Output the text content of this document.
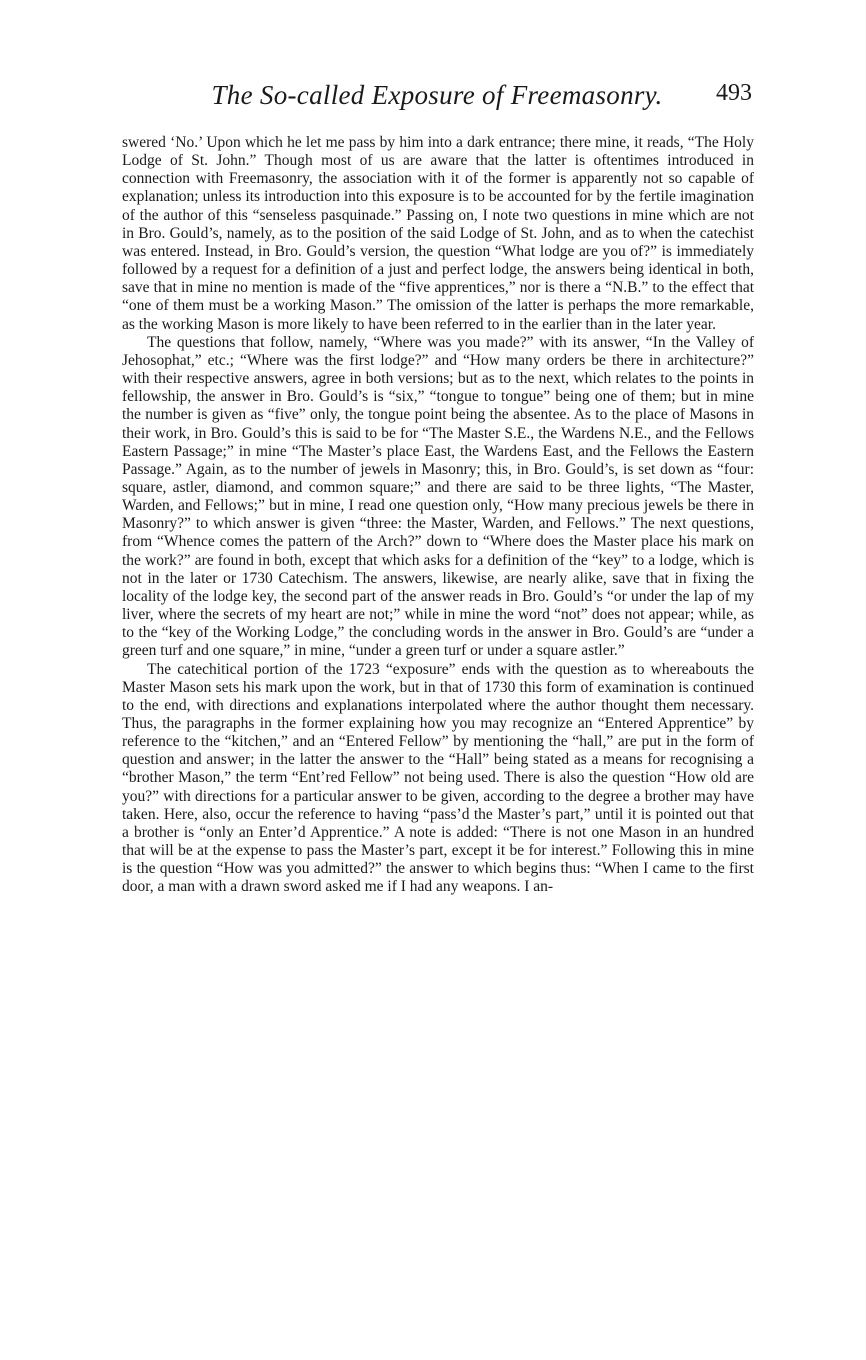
The So-called Exposure of Freemasonry.	493

swered ‘No.’ Upon which he let me pass by him into a dark entrance; there mine, it reads, “The Holy Lodge of St. John.” Though most of us are aware that the latter is oftentimes introduced in connection with Freemasonry, the association with it of the former is apparently not so capable of explanation; unless its introduction into this exposure is to be accounted for by the fertile imagination of the author of this “senseless pasquinade.” Passing on, I note two questions in mine which are not in Bro. Gould’s, namely, as to the position of the said Lodge of St. John, and as to when the catechist was entered. Instead, in Bro. Gould’s version, the question “What lodge are you of?” is immediately followed by a request for a definition of a just and perfect lodge, the answers being identical in both, save that in mine no mention is made of the “five apprentices,” nor is there a “N.B.” to the effect that “one of them must be a working Mason.” The omission of the latter is perhaps the more remarkable, as the working Mason is more likely to have been referred to in the earlier than in the later year.

The questions that follow, namely, “Where was you made?” with its answer, “In the Valley of Jehosophat,” etc.; “Where was the first lodge?” and “How many orders be there in architecture?” with their respective answers, agree in both versions; but as to the next, which relates to the points in fellowship, the answer in Bro. Gould’s is “six,” “tongue to tongue” being one of them; but in mine the number is given as “five” only, the tongue point being the absentee. As to the place of Masons in their work, in Bro. Gould’s this is said to be for “The Master S.E., the Wardens N.E., and the Fellows Eastern Passage;” in mine “The Master’s place East, the Wardens East, and the Fellows the Eastern Passage.” Again, as to the number of jewels in Masonry; this, in Bro. Gould’s, is set down as “four: square, astler, diamond, and common square;” and there are said to be three lights, “The Master, Warden, and Fellows;” but in mine, I read one question only, “How many precious jewels be there in Masonry?” to which answer is given “three: the Master, Warden, and Fellows.” The next questions, from “Whence comes the pattern of the Arch?” down to “Where does the Master place his mark on the work?” are found in both, except that which asks for a definition of the “key” to a lodge, which is not in the later or 1730 Catechism. The answers, likewise, are nearly alike, save that in fixing the locality of the lodge key, the second part of the answer reads in Bro. Gould’s “or under the lap of my liver, where the secrets of my heart are not;” while in mine the word “not” does not appear; while, as to the “key of the Working Lodge,” the concluding words in the answer in Bro. Gould’s are “under a green turf and one square,” in mine, “under a green turf or under a square astler.”

The catechitical portion of the 1723 “exposure” ends with the question as to whereabouts the Master Mason sets his mark upon the work, but in that of 1730 this form of examination is continued to the end, with directions and explanations interpolated where the author thought them necessary. Thus, the paragraphs in the former explaining how you may recognize an “Entered Apprentice” by reference to the “kitchen,” and an “Entered Fellow” by mentioning the “hall,” are put in the form of question and answer; in the latter the answer to the “Hall” being stated as a means for recognising a “brother Mason,” the term “Ent’red Fellow” not being used. There is also the question “How old are you?” with directions for a particular answer to be given, according to the degree a brother may have taken. Here, also, occur the reference to having “pass’d the Master’s part,” until it is pointed out that a brother is “only an Enter’d Apprentice.” A note is added: “There is not one Mason in an hundred that will be at the expense to pass the Master’s part, except it be for interest.” Following this in mine is the question “How was you admitted?” the answer to which begins thus: “When I came to the first door, a man with a drawn sword asked me if I had any weapons. I an-
